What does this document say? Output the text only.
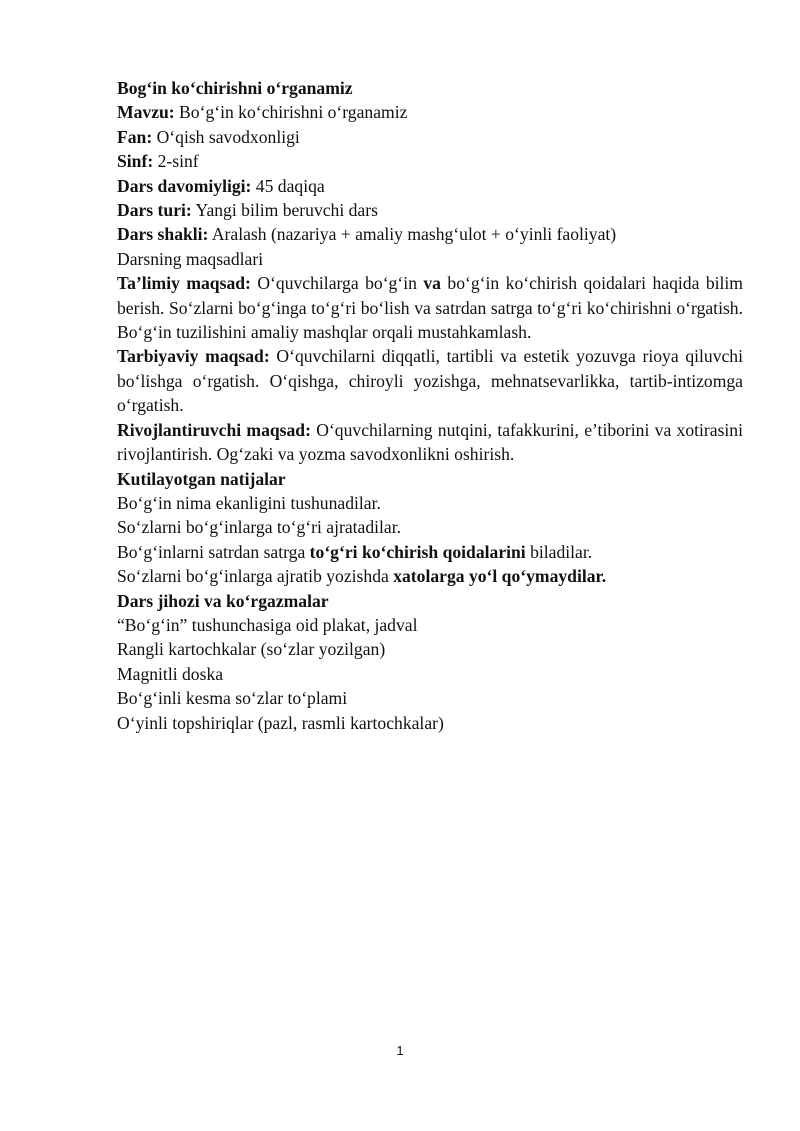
Bog‘in ko‘chirishni o‘rganamiz

Mavzu: Bo‘g‘in ko‘chirishni o‘rganamiz

Fan: O‘qish savodxonligi

Sinf: 2-sinf

Dars davomiyligi: 45 daqiqa

Dars turi: Yangi bilim beruvchi dars

Dars shakli: Aralash (nazariya + amaliy mashg‘ulot + o‘yinli faoliyat)

Darsning maqsadlari

Ta’limiy maqsad: O‘quvchilarga bo‘g‘in va bo‘g‘in ko‘chirish qoidalari haqida bilim berish. So‘zlarni bo‘g‘inga to‘g‘ri bo‘lish va satrdan satrga to‘g‘ri ko‘chirishni o‘rgatish. Bo‘g‘in tuzilishini amaliy mashqlar orqali mustahkamlash.

Tarbiyaviy maqsad: O‘quvchilarni diqqatli, tartibli va estetik yozuvga rioya qiluvchi bo‘lishga o‘rgatish. O‘qishga, chiroyli yozishga, mehnatsevarlikka, tartib-intizomga o‘rgatish.

Rivojlantiruvchi maqsad: O‘quvchilarning nutqini, tafakkurini, e’tiborini va xotirasini rivojlantirish. Og‘zaki va yozma savodxonlikni oshirish.

Kutilayotgan natijalar

Bo‘g‘in nima ekanligini tushunadilar.

So‘zlarni bo‘g‘inlarga to‘g‘ri ajratadilar.

Bo‘g‘inlarni satrdan satrga to‘g‘ri ko‘chirish qoidalarini biladilar.

So‘zlarni bo‘g‘inlarga ajratib yozishda xatolarga yo‘l qo‘ymaydilar.

Dars jihozi va ko‘rgazmalar

“Bo‘g‘in” tushunchasiga oid plakat, jadval

Rangli kartochkalar (so‘zlar yozilgan)

Magnitli doska

Bo‘g‘inli kesma so‘zlar to‘plami

O‘yinli topshiriqlar (pazl, rasmli kartochkalar)

1
